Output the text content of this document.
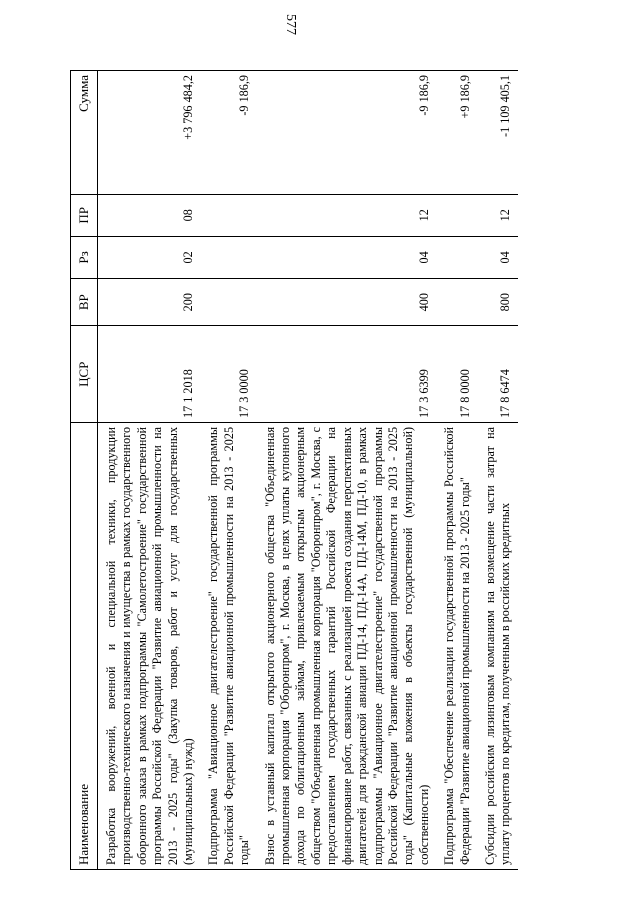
577
Наименование	ЦСР	ВР	Рз	ПР	Сумма
Разработка вооружений, военной и специальной техники, продукции производственно-технического назначения и имущества в рамках государственного оборонного заказа в рамках подпрограммы "Самолетостроение" государственной программы Российской Федерации "Развитие авиационной промышленности на 2013 - 2025 годы" (Закупка товаров, работ и услуг для государственных (муниципальных) нужд)	17 1 2018	200	02	08	+3 796 484,2
Подпрограмма "Авиационное двигателестроение" государственной программы Российской Федерации "Развитие авиационной промышленности на 2013 - 2025 годы"	17 3 0000				-9 186,9
Взнос в уставный капитал открытого акционерного общества "Объединенная промышленная корпорация "Оборонпром", г. Москва, в целях уплаты купонного дохода по облигационным займам, привлекаемым открытым акционерным обществом "Объединенная промышленная корпорация "Оборонпром", г. Москва, с предоставлением государственных гарантий Российской Федерации на финансирование работ, связанных с реализацией проекта создания перспективных двигателей для гражданской авиации ПД-14, ПД-14А, ПД-14М, ПД-10, в рамках подпрограммы "Авиационное двигателестроение" государственной программы Российской Федерации "Развитие авиационной промышленности на 2013 - 2025 годы" (Капитальные вложения в объекты государственной (муниципальной) собственности)	17 3 6399	400	04	12	-9 186,9
Подпрограмма "Обеспечение реализации государственной программы Российской Федерации "Развитие авиационной промышленности на 2013 - 2025 годы"	17 8 0000				+9 186,9
Субсидии российским лизинговым компаниям на возмещение части затрат на уплату процентов по кредитам, полученным в российских кредитных	17 8 6474	800	04	12	-1 109 405,1
